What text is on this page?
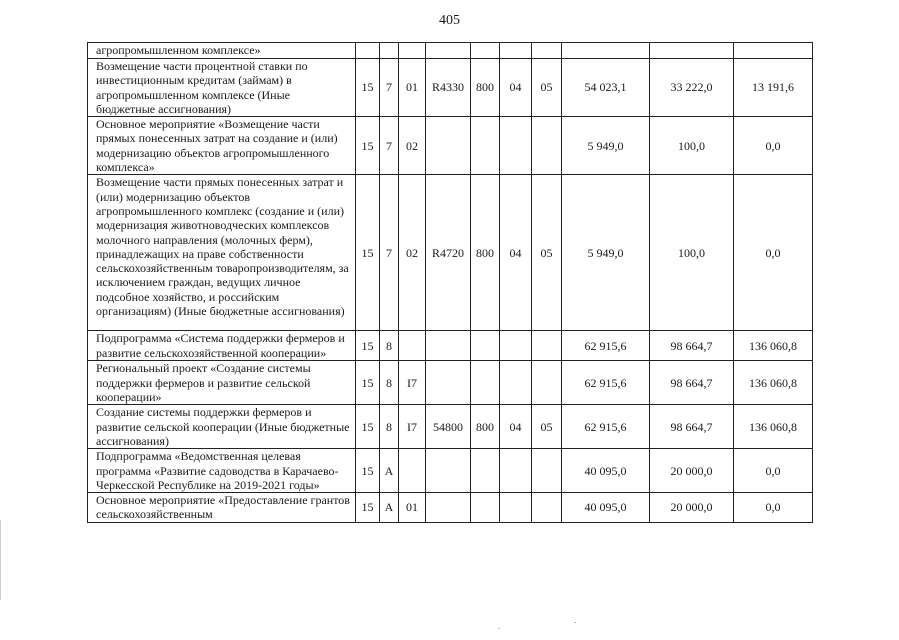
405
агропромышленном комплексе»										
Возмещение части процентной ставки по инвестиционным кредитам (займам) в агропромышленном комплексе (Иные бюджетные ассигнования)	15	7	01	R4330	800	04	05	54 023,1	33 222,0	13 191,6
Основное мероприятие «Возмещение части прямых понесенных затрат на создание и (или) модернизацию объектов агропромышленного комплекса»	15	7	02					5 949,0	100,0	0,0
Возмещение части прямых понесенных затрат и (или) модернизацию объектов агропромышленного комплекс (создание и (или) модернизация животноводческих комплексов молочного направления (молочных ферм), принадлежащих на праве собственности сельскохозяйственным товаропроизводителям, за исключением граждан, ведущих личное подсобное хозяйство, и российским организациям) (Иные бюджетные ассигнования)	15	7	02	R4720	800	04	05	5 949,0	100,0	0,0
Подпрограмма «Система поддержки фермеров и развитие сельскохозяйственной кооперации»	15	8						62 915,6	98 664,7	136 060,8
Региональный проект «Создание системы поддержки фермеров и развитие сельской кооперации»	15	8	I7					62 915,6	98 664,7	136 060,8
Создание системы поддержки фермеров и развитие сельской кооперации (Иные бюджетные ассигнования)	15	8	I7	54800	800	04	05	62 915,6	98 664,7	136 060,8
Подпрограмма «Ведомственная целевая программа «Развитие садоводства в Карачаево-Черкесской Республике на 2019-2021 годы»	15	А						40 095,0	20 000,0	0,0
Основное мероприятие «Предоставление грантов сельскохозяйственным	15	А	01					40 095,0	20 000,0	0,0
